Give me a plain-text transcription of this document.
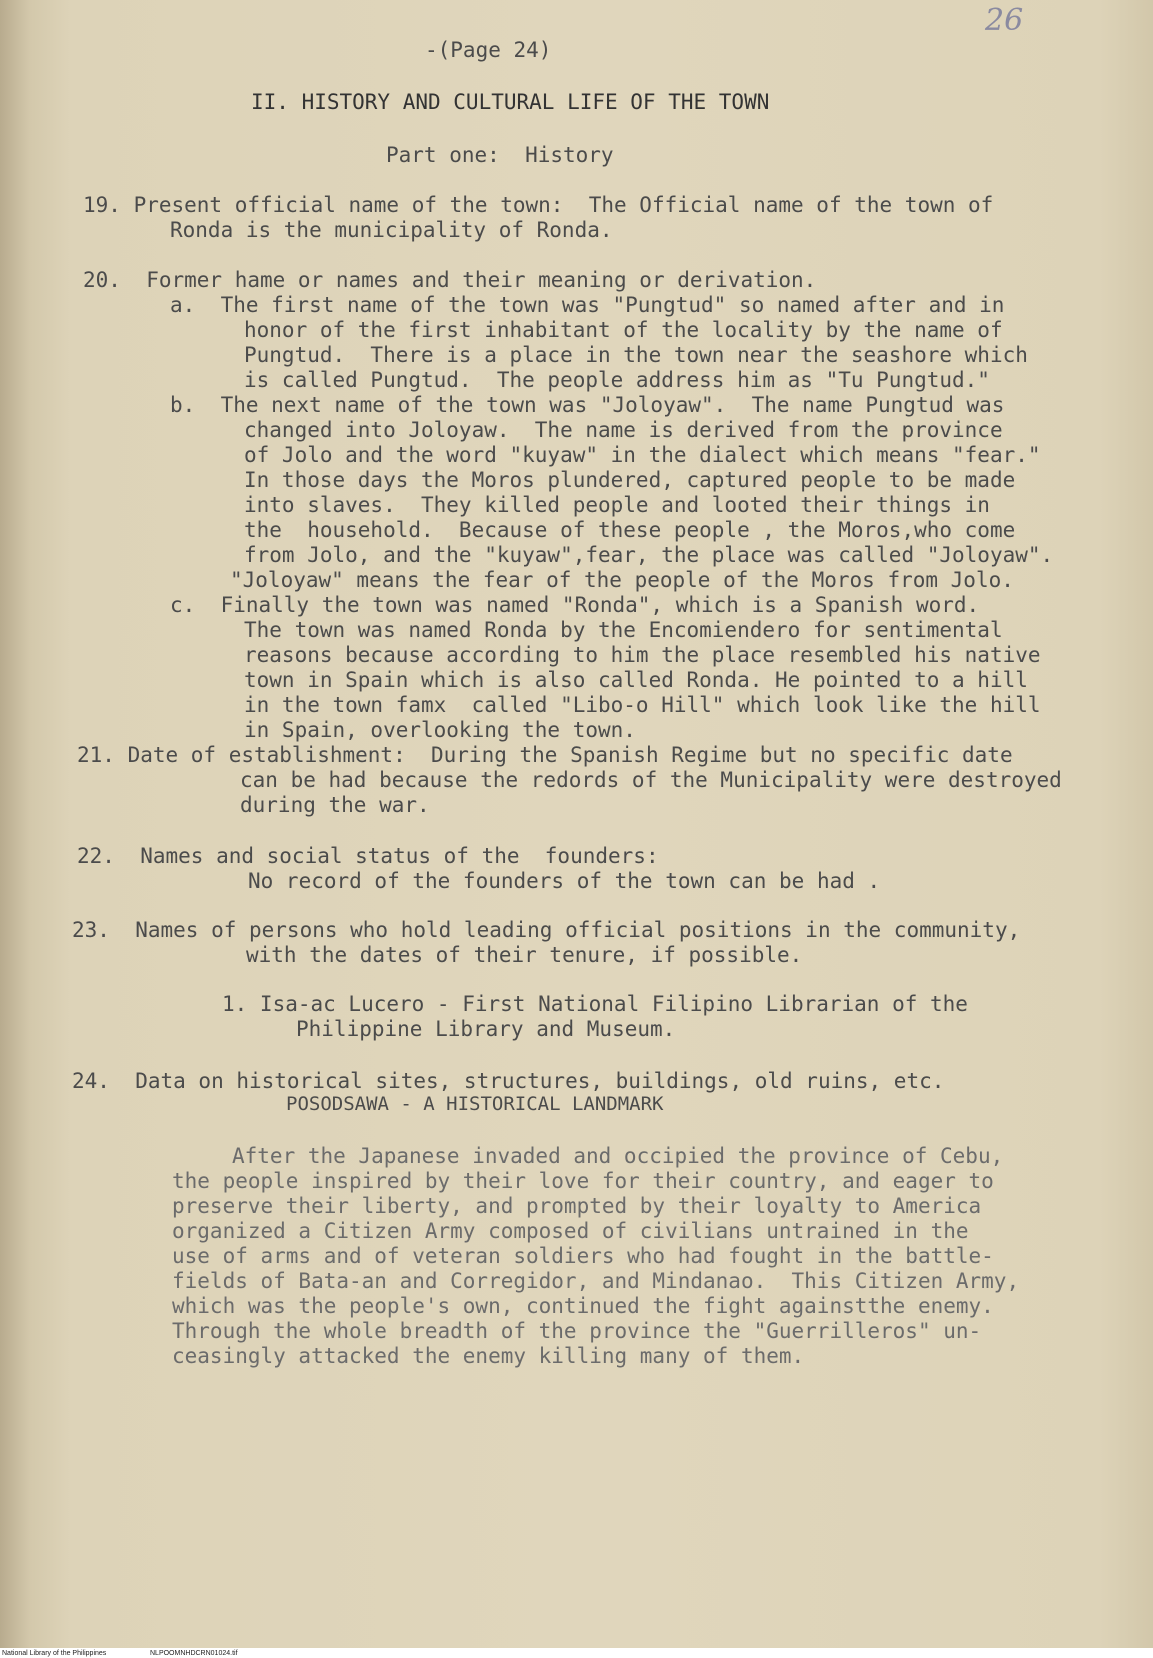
26
-(Page 24)
II. HISTORY AND CULTURAL LIFE OF THE TOWN
Part one:  History
19. Present official name of the town:  The Official name of the town of
Ronda is the municipality of Ronda.
20.  Former hame or names and their meaning or derivation.
a.  The first name of the town was "Pungtud" so named after and in
honor of the first inhabitant of the locality by the name of
Pungtud.  There is a place in the town near the seashore which
is called Pungtud.  The people address him as "Tu Pungtud."
b.  The next name of the town was "Joloyaw".  The name Pungtud was
changed into Joloyaw.  The name is derived from the province
of Jolo and the word "kuyaw" in the dialect which means "fear."
In those days the Moros plundered, captured people to be made
into slaves.  They killed people and looted their things in
the  household.  Because of these people , the Moros,who come
from Jolo, and the "kuyaw",fear, the place was called "Joloyaw".
"Joloyaw" means the fear of the people of the Moros from Jolo.
c.  Finally the town was named "Ronda", which is a Spanish word.
The town was named Ronda by the Encomiendero for sentimental
reasons because according to him the place resembled his native
town in Spain which is also called Ronda. He pointed to a hill
in the town famx  called "Libo-o Hill" which look like the hill
in Spain, overlooking the town.
21. Date of establishment:  During the Spanish Regime but no specific date
can be had because the redords of the Municipality were destroyed
during the war.
22.  Names and social status of the  founders:
No record of the founders of the town can be had .
23.  Names of persons who hold leading official positions in the community,
with the dates of their tenure, if possible.
1. Isa-ac Lucero - First National Filipino Librarian of the
Philippine Library and Museum.
24.  Data on historical sites, structures, buildings, old ruins, etc.
POSODSAWA - A HISTORICAL LANDMARK
After the Japanese invaded and occipied the province of Cebu,
the people inspired by their love for their country, and eager to
preserve their liberty, and prompted by their loyalty to America
organized a Citizen Army composed of civilians untrained in the
use of arms and of veteran soldiers who had fought in the battle-
fields of Bata-an and Corregidor, and Mindanao.  This Citizen Army,
which was the people's own, continued the fight againstthe enemy.
Through the whole breadth of the province the "Guerrilleros" un-
ceasingly attacked the enemy killing many of them.
National Library of the Philippines	NLPOOMNHDCRN01024.tif
